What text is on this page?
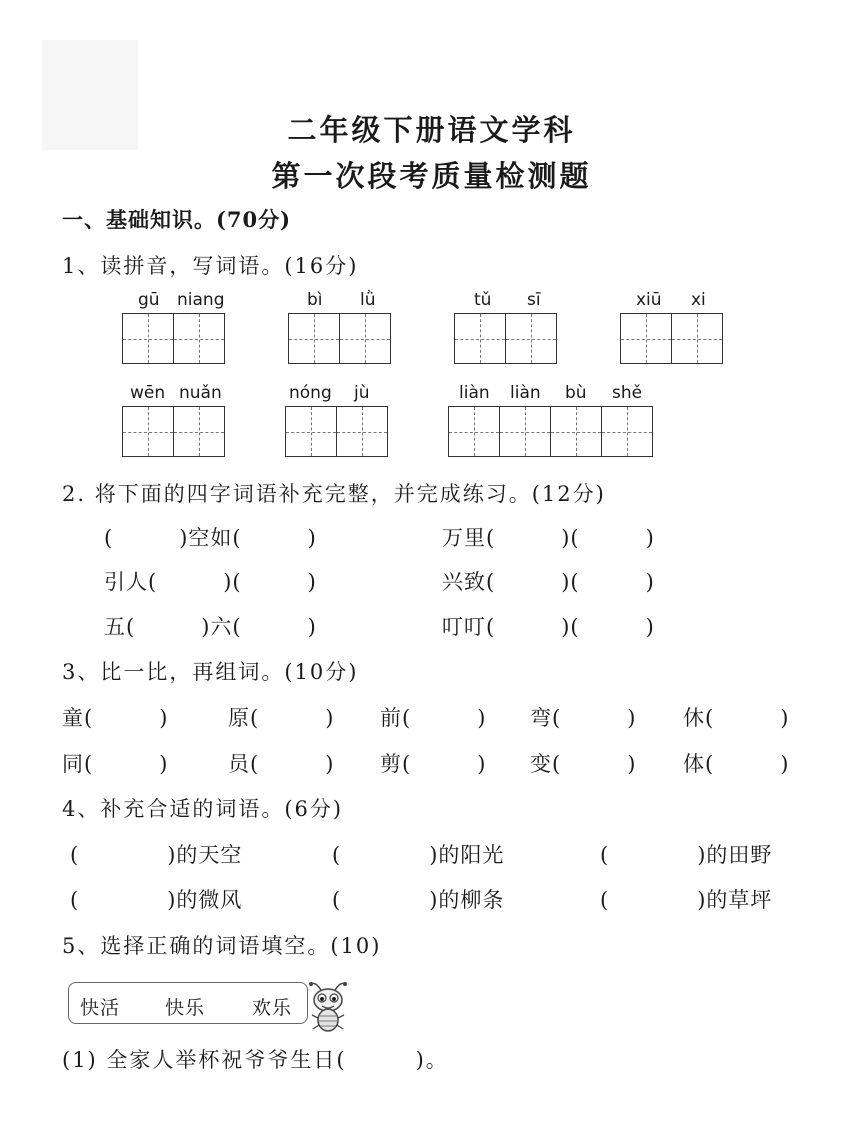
二年级下册语文学科
第一次段考质量检测题
一、基础知识。(70分)
1、读拼音，写词语。(16分)
gū niang	bì lǜ	tǔ sī	xiū xi
wēn nuǎn	nóng jù	liàn liàn bù shě
2. 将下面的四字词语补充完整，并完成练习。(12分)
(　　　)空如(　　　)	万里(　　　)(　　　)
引人(　　　)(　　　)	兴致(　　　)(　　　)
五(　　　)六(　　　)	叮叮(　　　)(　　　)
3、比一比，再组词。(10分)
童(　　　)	原(　　　) 前(　　　) 弯(　　　) 休(　　　)
同(　　　)	员(　　　) 剪(　　　) 变(　　　) 体(　　　)
4、补充合适的词语。(6分)
(　　　　)的天空	(　　　　)的阳光	(　　　　)的田野
(　　　　)的微风	(　　　　)的柳条	(　　　　)的草坪
5、选择正确的词语填空。(10)
快活 快乐 欢乐
(1) 全家人举杯祝爷爷生日(　　　)。
